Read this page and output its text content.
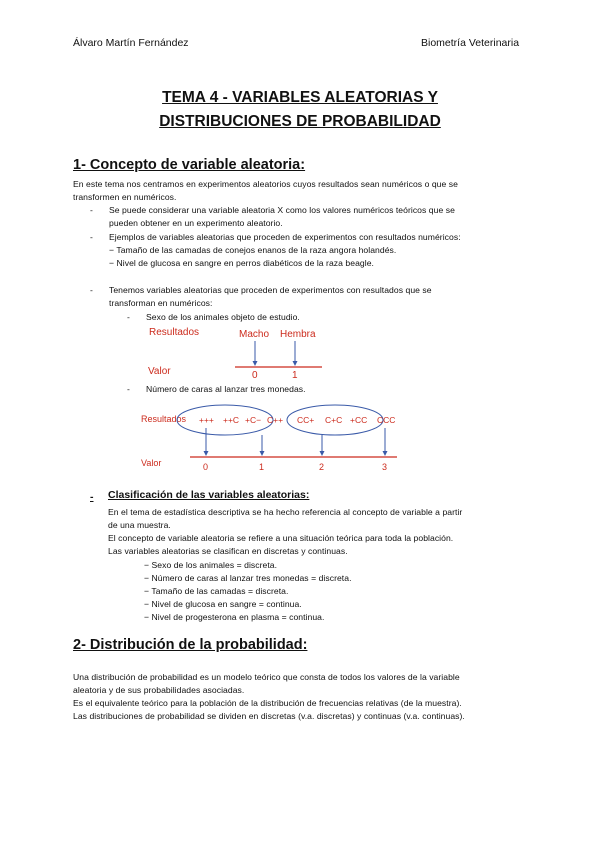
Álvaro Martín Fernández	Biometría Veterinaria
TEMA 4 - VARIABLES ALEATORIAS Y
DISTRIBUCIONES DE PROBABILIDAD
1- Concepto de variable aleatoria:
En este tema nos centramos en experimentos aleatorios cuyos resultados sean numéricos o que se
transformen en numéricos.
- Se puede considerar una variable aleatoria X como los valores numéricos teóricos que se
pueden obtener en un experimento aleatorio.
- Ejemplos de variables aleatorias que proceden de experimentos con resultados numéricos:
− Tamaño de las camadas de conejos enanos de la raza angora holandés.
− Nivel de glucosa en sangre en perros diabéticos de la raza beagle.
- Tenemos variables aleatorias que proceden de experimentos con resultados que se
transforman en numéricos:
- Sexo de los animales objeto de estudio.
Resultados	Macho Hembra
Valor	0	1
- Número de caras al lanzar tres monedas.
Resultados +++ ++C +C− C++ CC+ C+C +CC CCC
Valor	0	1	2	3
- Clasificación de las variables aleatorias:
En el tema de estadística descriptiva se ha hecho referencia al concepto de variable a partir
de una muestra.
El concepto de variable aleatoria se refiere a una situación teórica para toda la población.
Las variables aleatorias se clasifican en discretas y continuas.
− Sexo de los animales = discreta.
− Número de caras al lanzar tres monedas = discreta.
− Tamaño de las camadas = discreta.
− Nivel de glucosa en sangre = continua.
− Nivel de progesterona en plasma = continua.
2- Distribución de la probabilidad:
Una distribución de probabilidad es un modelo teórico que consta de todos los valores de la variable
aleatoria y de sus probabilidades asociadas.
Es el equivalente teórico para la población de la distribución de frecuencias relativas (de la muestra).
Las distribuciones de probabilidad se dividen en discretas (v.a. discretas) y continuas (v.a. continuas).
